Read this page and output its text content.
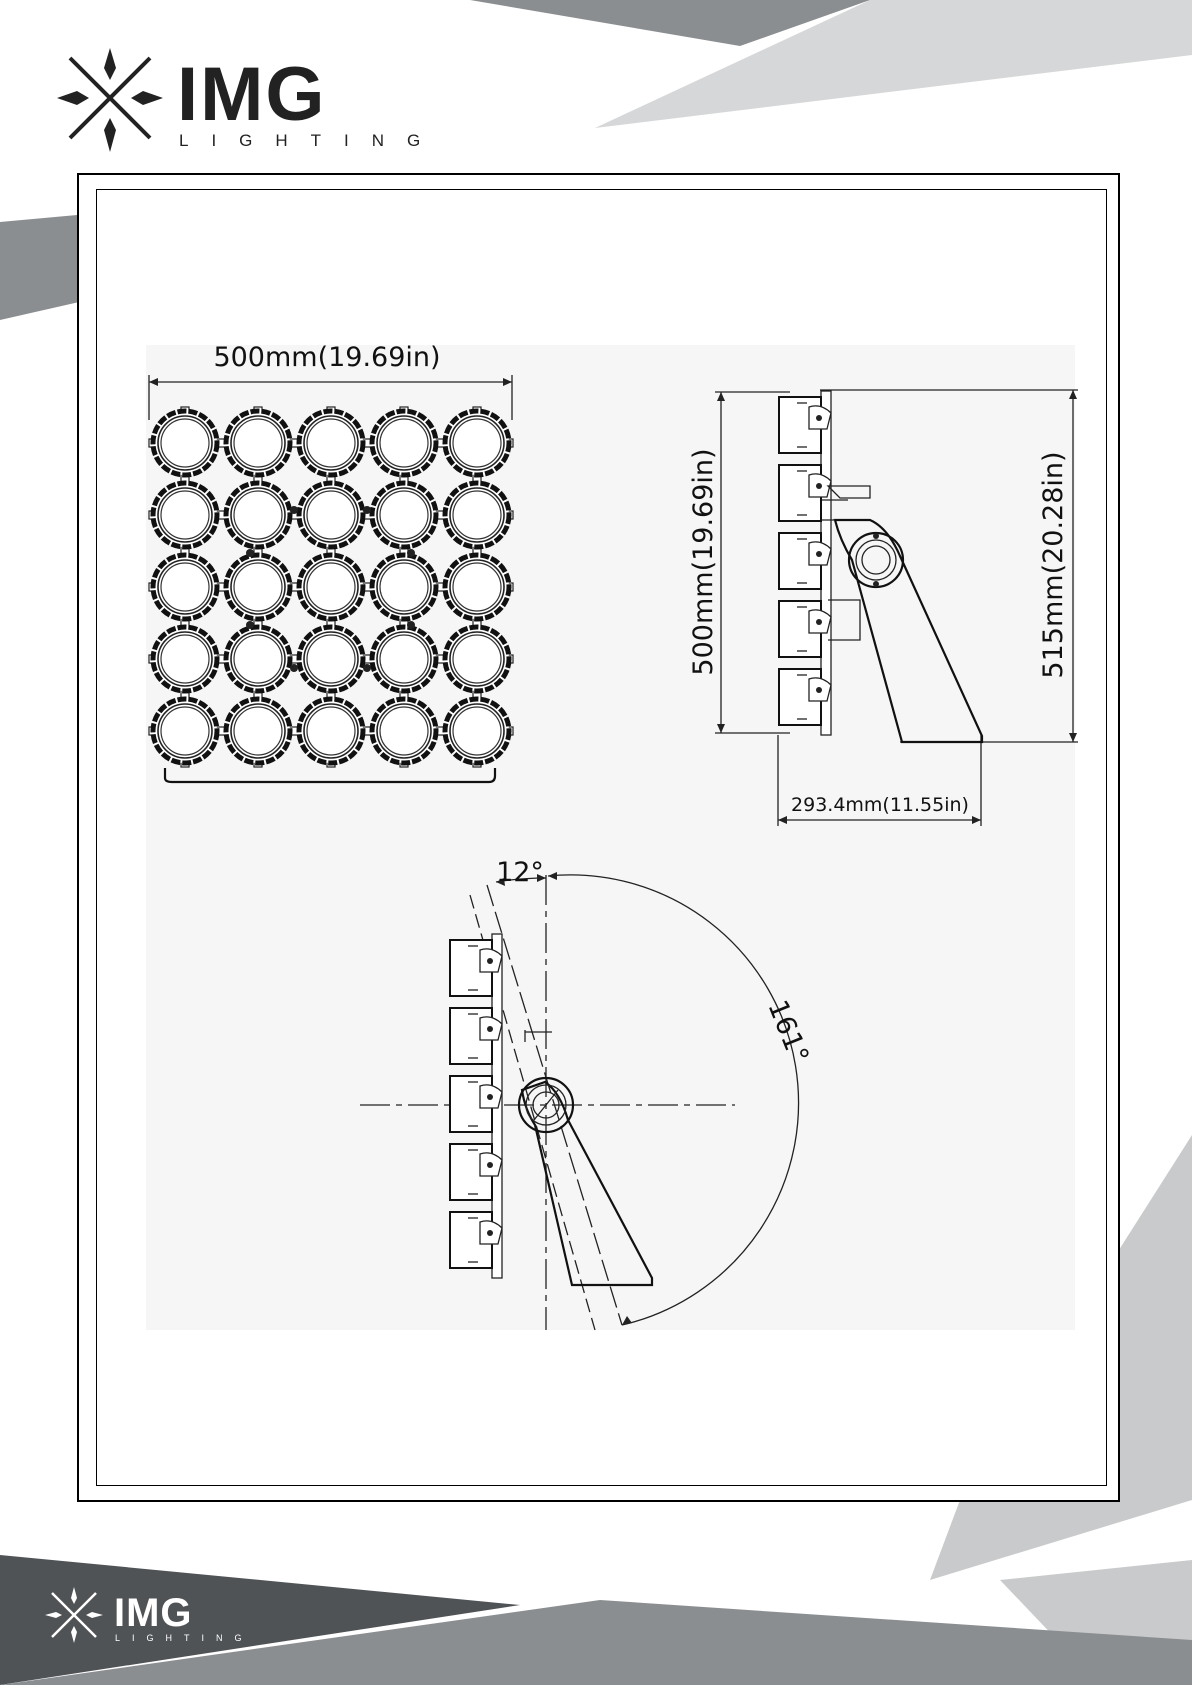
IMG
LIGHTING
500mm(19.69in)
500mm(19.69in)	515mm(20.28in)
293.4mm(11.55in)
12°
161°
IMG
LIGHTING
